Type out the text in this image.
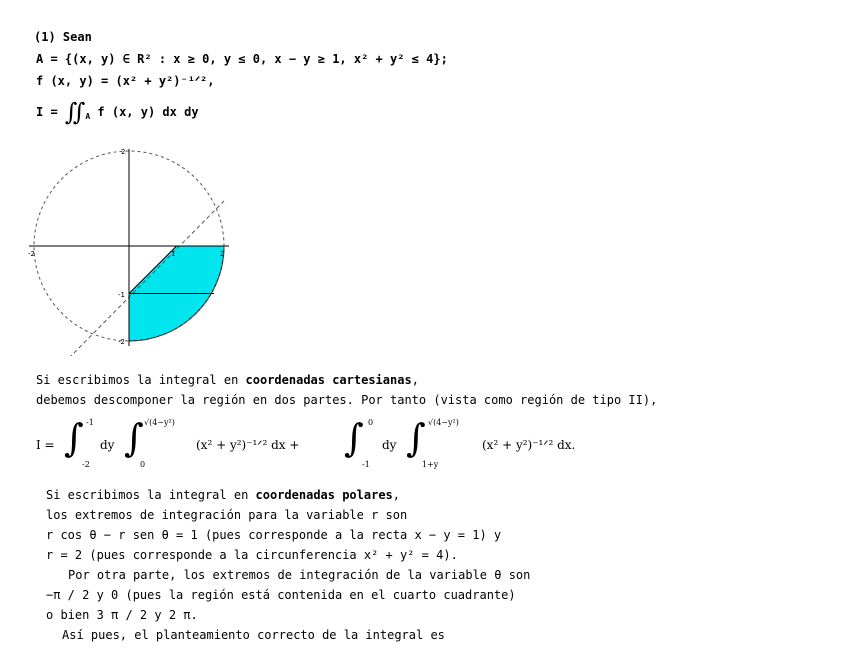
(1) Sean
A = {(x, y) ∈ R² : x ≥ 0, y ≤ 0, x − y ≥ 1, x² + y² ≤ 4};
f (x, y) = (x² + y²)⁻¹ᐟ²,
$I = ∬_A$ f (x, y) dx dy
-2	1	2
2
-1
-2
Si escribimos la integral en coordenadas cartesianas,
debemos descomponer la región en dos partes. Por tanto (vista como región de tipo II),
I = ∫ -1
-2
dy ∫ √(4−y²)
0
(x² + y²)⁻¹ᐟ² dx + ∫ 0
-1
dy ∫ √(4−y²)
1+y
(x² + y²)⁻¹ᐟ² dx.
Si escribimos la integral en coordenadas polares,
los extremos de integración para la variable r son
r cos θ − r sen θ = 1 (pues corresponde a la recta x − y = 1) y
r = 2 (pues corresponde a la circunferencia x² + y² = 4).
Por otra parte, los extremos de integración de la variable θ son
−π / 2 y 0 (pues la región está contenida en el cuarto cuadrante)
o bien 3 π / 2 y 2 π.
Así pues, el planteamiento correcto de la integral es
